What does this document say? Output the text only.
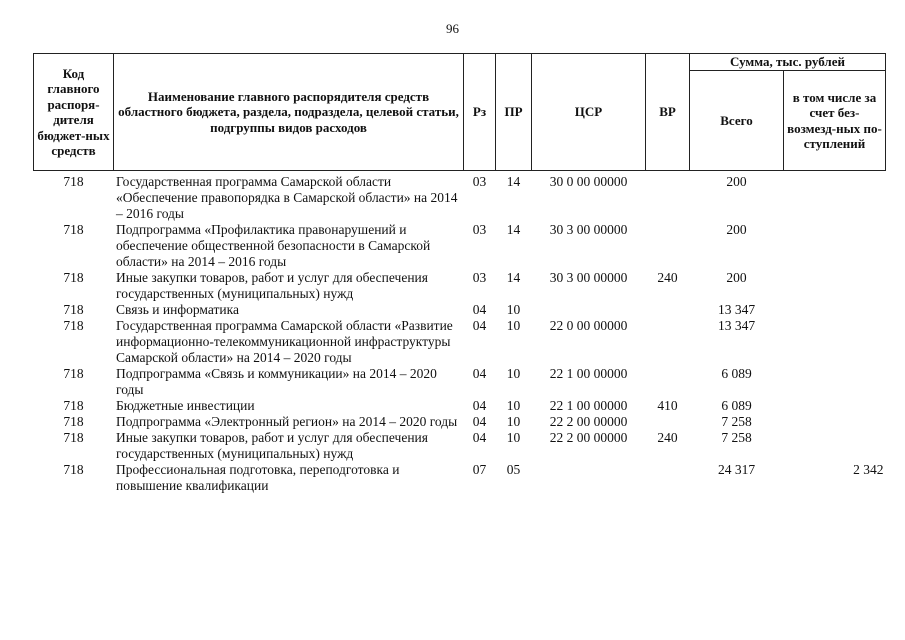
96
Код главного распоря-дителя бюджет-ных средств	Наименование главного распорядителя средств областного бюджета, раздела, подраздела, целевой статьи, подгруппы видов расходов	Рз	ПР	ЦСР	ВР	Сумма, тыс. рублей	
						Всего	в том числе за счет без-возмезд-ных по-ступлений
718	Государственная программа Самарской области «Обеспечение правопорядка в Самарской области» на 2014 – 2016 годы	03	14	30 0 00 00000		200	
718	Подпрограмма «Профилактика правонарушений и обеспечение общественной безопасности в Самарской области» на 2014 – 2016 годы	03	14	30 3 00 00000		200	
718	Иные закупки товаров, работ и услуг для обеспечения государственных (муниципальных) нужд	03	14	30 3 00 00000	240	200	
718	Связь и информатика	04	10			13 347	
718	Государственная программа Самарской области «Развитие информационно-телекоммуникационной инфраструктуры Самарской области» на 2014 – 2020 годы	04	10	22 0 00 00000		13 347	
718	Подпрограмма «Связь и коммуникации» на 2014 – 2020 годы	04	10	22 1 00 00000		6 089	
718	Бюджетные инвестиции	04	10	22 1 00 00000	410	6 089	
718	Подпрограмма «Электронный регион» на 2014 – 2020 годы	04	10	22 2 00 00000		7 258	
718	Иные закупки товаров, работ и услуг для обеспечения государственных (муниципальных) нужд	04	10	22 2 00 00000	240	7 258	
718	Профессиональная подготовка, переподготовка и повышение квалификации	07	05			24 317	2 342
